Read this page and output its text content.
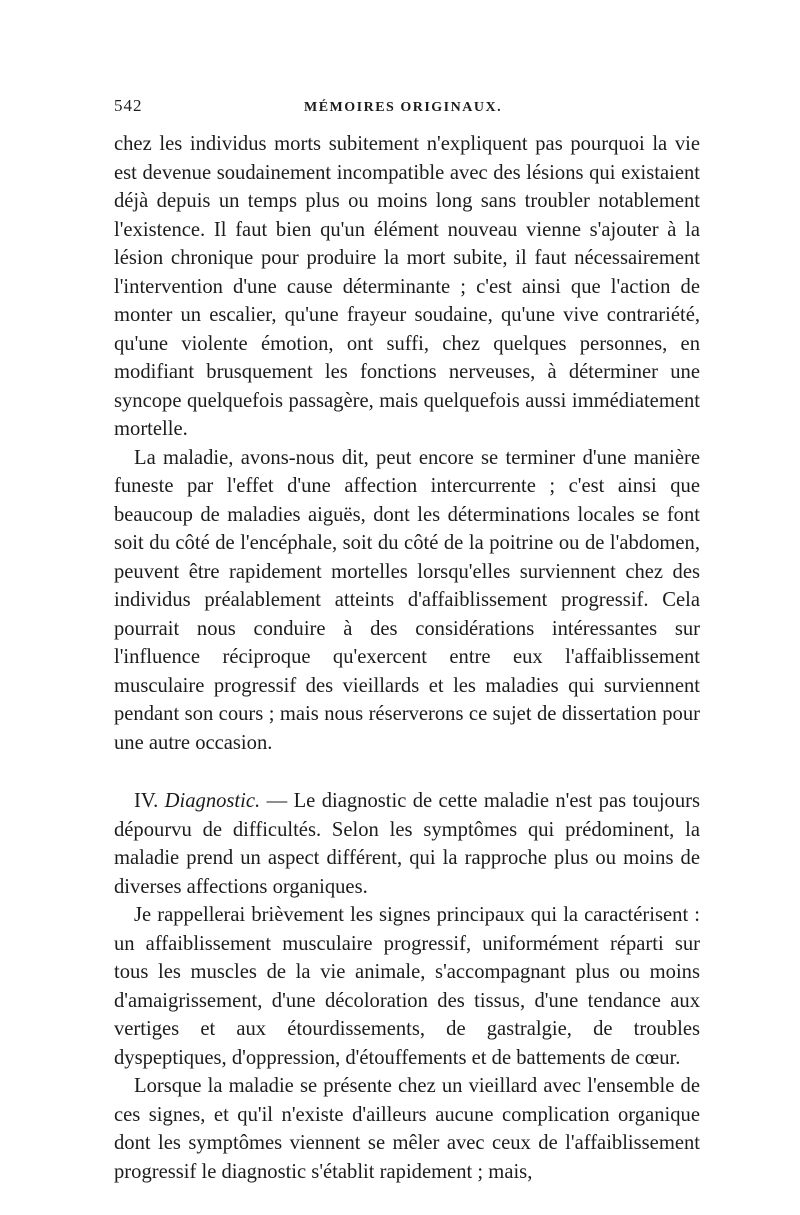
542	MÉMOIRES ORIGINAUX.

chez les individus morts subitement n'expliquent pas pourquoi la vie est devenue soudainement incompatible avec des lésions qui existaient déjà depuis un temps plus ou moins long sans troubler notablement l'existence. Il faut bien qu'un élément nouveau vienne s'ajouter à la lésion chronique pour produire la mort subite, il faut nécessairement l'intervention d'une cause déterminante ; c'est ainsi que l'action de monter un escalier, qu'une frayeur soudaine, qu'une vive contrariété, qu'une violente émotion, ont suffi, chez quelques personnes, en modifiant brusquement les fonctions nerveuses, à déterminer une syncope quelquefois passagère, mais quelquefois aussi immédiatement mortelle.

La maladie, avons-nous dit, peut encore se terminer d'une manière funeste par l'effet d'une affection intercurrente ; c'est ainsi que beaucoup de maladies aiguës, dont les déterminations locales se font soit du côté de l'encéphale, soit du côté de la poitrine ou de l'abdomen, peuvent être rapidement mortelles lorsqu'elles surviennent chez des individus préalablement atteints d'affaiblissement progressif. Cela pourrait nous conduire à des considérations intéressantes sur l'influence réciproque qu'exercent entre eux l'affaiblissement musculaire progressif des vieillards et les maladies qui surviennent pendant son cours ; mais nous réserverons ce sujet de dissertation pour une autre occasion.

IV. Diagnostic. — Le diagnostic de cette maladie n'est pas toujours dépourvu de difficultés. Selon les symptômes qui prédominent, la maladie prend un aspect différent, qui la rapproche plus ou moins de diverses affections organiques.

Je rappellerai brièvement les signes principaux qui la caractérisent : un affaiblissement musculaire progressif, uniformément réparti sur tous les muscles de la vie animale, s'accompagnant plus ou moins d'amaigrissement, d'une décoloration des tissus, d'une tendance aux vertiges et aux étourdissements, de gastralgie, de troubles dyspeptiques, d'oppression, d'étouffements et de battements de cœur.

Lorsque la maladie se présente chez un vieillard avec l'ensemble de ces signes, et qu'il n'existe d'ailleurs aucune complication organique dont les symptômes viennent se mêler avec ceux de l'affaiblissement progressif le diagnostic s'établit rapidement ; mais,
